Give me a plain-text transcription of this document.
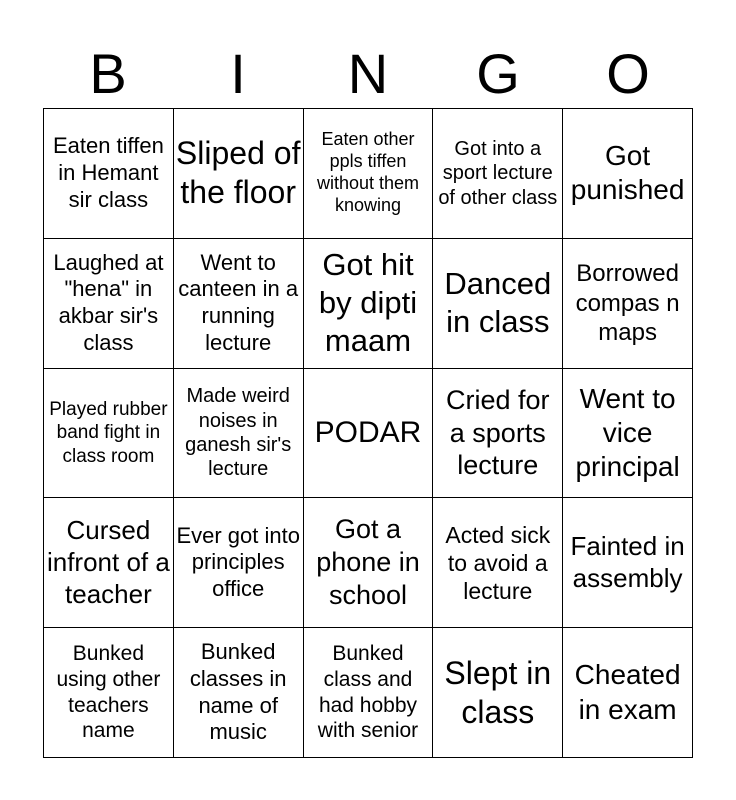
B	I	N	G	O
Eaten tiffen in Hemant sir class
Sliped of the floor
Eaten other ppls tiffen without them knowing
Got into a sport lecture of other class
Got punished
Laughed at "hena" in akbar sir's class
Went to canteen in a running lecture
Got hit by dipti maam
Danced in class
Borrowed compas n maps
Played rubber band fight in class room
Made weird noises in ganesh sir's lecture
PODAR
Cried for a sports lecture
Went to vice principal
Cursed infront of a teacher
Ever got into principles office
Got a phone in school
Acted sick to avoid a lecture
Fainted in assembly
Bunked using other teachers name
Bunked classes in name of music
Bunked class and had hobby with senior
Slept in class
Cheated in exam
